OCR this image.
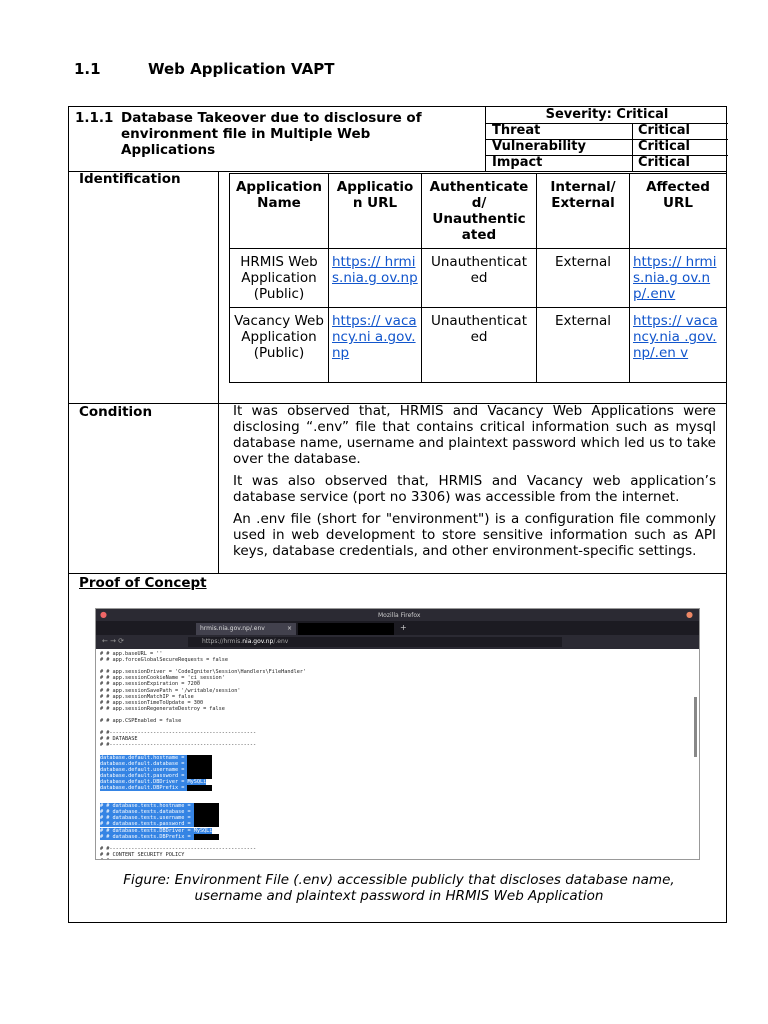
1.1	Web Application VAPT
1.1.1 Database Takeover due to disclosure of
environment file in Multiple Web
Applications
Severity: Critical
Threat	Critical
Vulnerability	Critical
Impact	Critical
Identification	Application Name	Applicatio n URL	Authenticate d/ Unauthentic ated	Internal/ External	Affected URL
HRMIS Web Application (Public)	https:// hrmis.nia.g ov.np	Unauthenticat ed	External	https:// hrmis.nia.g ov.np/.env
Vacancy Web Application (Public)	https:// vacancy.ni a.gov.np	Unauthenticat ed	External	https:// vacancy.nia .gov.np/.en v
Condition	It was observed that, HRMIS and Vacancy Web Applications were disclosing “.env” file that contains critical information such as mysql database name, username and plaintext password which led us to take over the database.

It was also observed that, HRMIS and Vacancy web application’s database service (port no 3306) was accessible from the internet.

An .env file (short for "environment") is a configuration file commonly used in web development to store sensitive information such as API keys, database credentials, and other environment-specific settings.

Proof of Concept
●	Mozilla Firefox	●
hrmis.nia.gov.np/.env	×	+
← → ⟳	https://hrmis.nia.gov.np/.env
# # app.baseURL = ''
# # app.forceGlobalSecureRequests = false

# # app.sessionDriver = 'CodeIgniter\Session\Handlers\FileHandler'
# # app.sessionCookieName = 'ci_session'
# # app.sessionExpiration = 7200
# # app.sessionSavePath = '/writable/session'
# # app.sessionMatchIP = false
# # app.sessionTimeToUpdate = 300
# # app.sessionRegenerateDestroy = false

# # app.CSPEnabled = false

# #-----------------------------------------------
# # DATABASE
# #-----------------------------------------------

database.default.hostname =
database.default.database =
database.default.username =
database.default.password =
database.default.DBDriver = MySQLi
database.default.DBPrefix =
# # database.tests.hostname =
# # database.tests.database =
# # database.tests.username =
# # database.tests.password =
# # database.tests.DBDriver = MySQLi
# # database.tests.DBPrefix =

# #-----------------------------------------------
# # CONTENT SECURITY POLICY

Figure: Environment File (.env) accessible publicly that discloses database name,
username and plaintext password in HRMIS Web Application
